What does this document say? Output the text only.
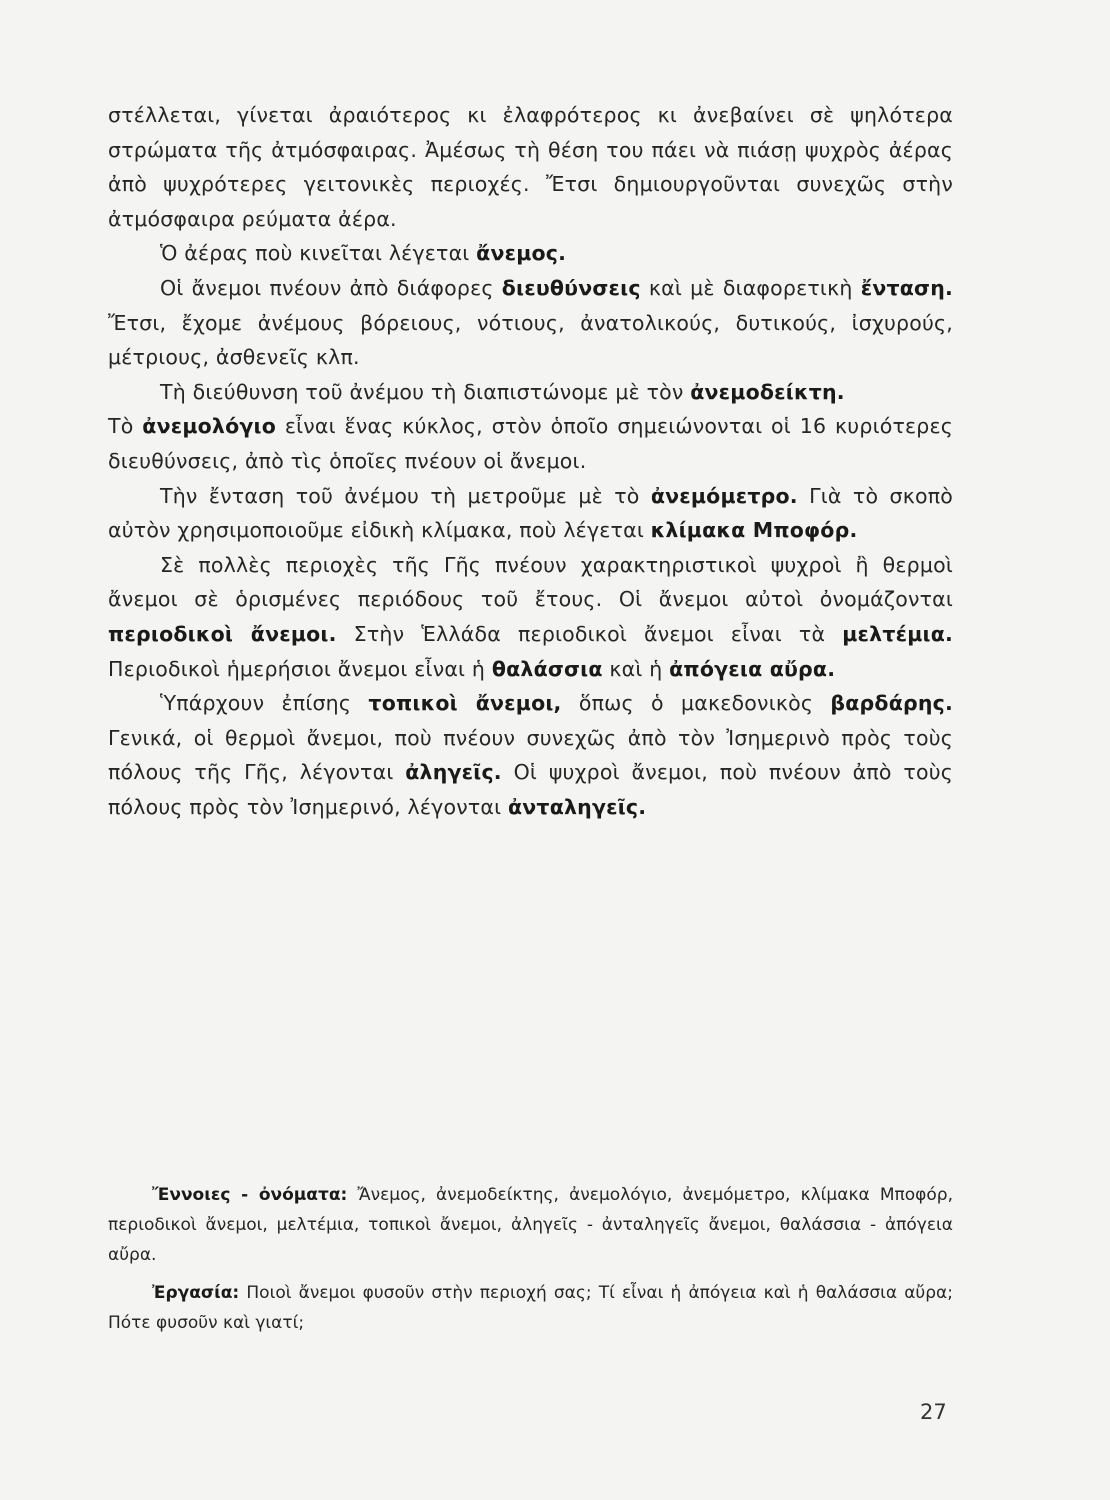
στέλλεται, γίνεται ἀραιότερος κι ἐλαφρότερος κι ἀνεβαίνει σὲ ψηλότερα στρώματα τῆς ἀτμόσφαιρας. Ἀμέσως τὴ θέση του πάει νὰ πιάσῃ ψυχρὸς ἀέρας ἀπὸ ψυχρότερες γειτονικὲς περιοχές. Ἔτσι δημιουργοῦνται συνεχῶς στὴν ἀτμόσφαιρα ρεύματα ἀέρα.

Ὁ ἀέρας ποὺ κινεῖται λέγεται ἄνεμος.

Οἱ ἄνεμοι πνέουν ἀπὸ διάφορες διευθύνσεις καὶ μὲ διαφορετικὴ ἔνταση. Ἔτσι, ἔχομε ἀνέμους βόρειους, νότιους, ἀνατολικούς, δυτικούς, ἰσχυρούς, μέτριους, ἀσθενεῖς κλπ.

Τὴ διεύθυνση τοῦ ἀνέμου τὴ διαπιστώνομε μὲ τὸν ἀνεμοδείκτη.

Τὸ ἀνεμολόγιο εἶναι ἕνας κύκλος, στὸν ὁποῖο σημειώνονται οἱ 16 κυριότερες διευθύνσεις, ἀπὸ τὶς ὁποῖες πνέουν οἱ ἄνεμοι.

Τὴν ἔνταση τοῦ ἀνέμου τὴ μετροῦμε μὲ τὸ ἀνεμόμετρο. Γιὰ τὸ σκοπὸ αὐτὸν χρησιμοποιοῦμε εἰδικὴ κλίμακα, ποὺ λέγεται κλίμακα Μποφόρ.

Σὲ πολλὲς περιοχὲς τῆς Γῆς πνέουν χαρακτηριστικοὶ ψυχροὶ ἢ θερμοὶ ἄνεμοι σὲ ὁρισμένες περιόδους τοῦ ἔτους. Οἱ ἄνεμοι αὐτοὶ ὀνομάζονται περιοδικοὶ ἄνεμοι. Στὴν Ἑλλάδα περιοδικοὶ ἄνεμοι εἶναι τὰ μελτέμια. Περιοδικοὶ ἡμερήσιοι ἄνεμοι εἶναι ἡ θαλάσσια καὶ ἡ ἀπόγεια αὔρα.

Ὑπάρχουν ἐπίσης τοπικοὶ ἄνεμοι, ὅπως ὁ μακεδονικὸς βαρδάρης. Γενικά, οἱ θερμοὶ ἄνεμοι, ποὺ πνέουν συνεχῶς ἀπὸ τὸν Ἰσημερινὸ πρὸς τοὺς πόλους τῆς Γῆς, λέγονται ἀληγεῖς. Οἱ ψυχροὶ ἄνεμοι, ποὺ πνέουν ἀπὸ τοὺς πόλους πρὸς τὸν Ἰσημερινό, λέγονται ἀνταληγεῖς.

Ἔννοιες - ὀνόματα: Ἄνεμος, ἀνεμοδείκτης, ἀνεμολόγιο, ἀνεμόμετρο, κλίμακα Μποφόρ, περιοδικοὶ ἄνεμοι, μελτέμια, τοπικοὶ ἄνεμοι, ἀληγεῖς - ἀνταληγεῖς ἄνεμοι, θαλάσσια - ἀπόγεια αὔρα.

Ἐργασία: Ποιοὶ ἄνεμοι φυσοῦν στὴν περιοχή σας; Τί εἶναι ἡ ἀπόγεια καὶ ἡ θαλάσσια αὔρα; Πότε φυσοῦν καὶ γιατί;

27
